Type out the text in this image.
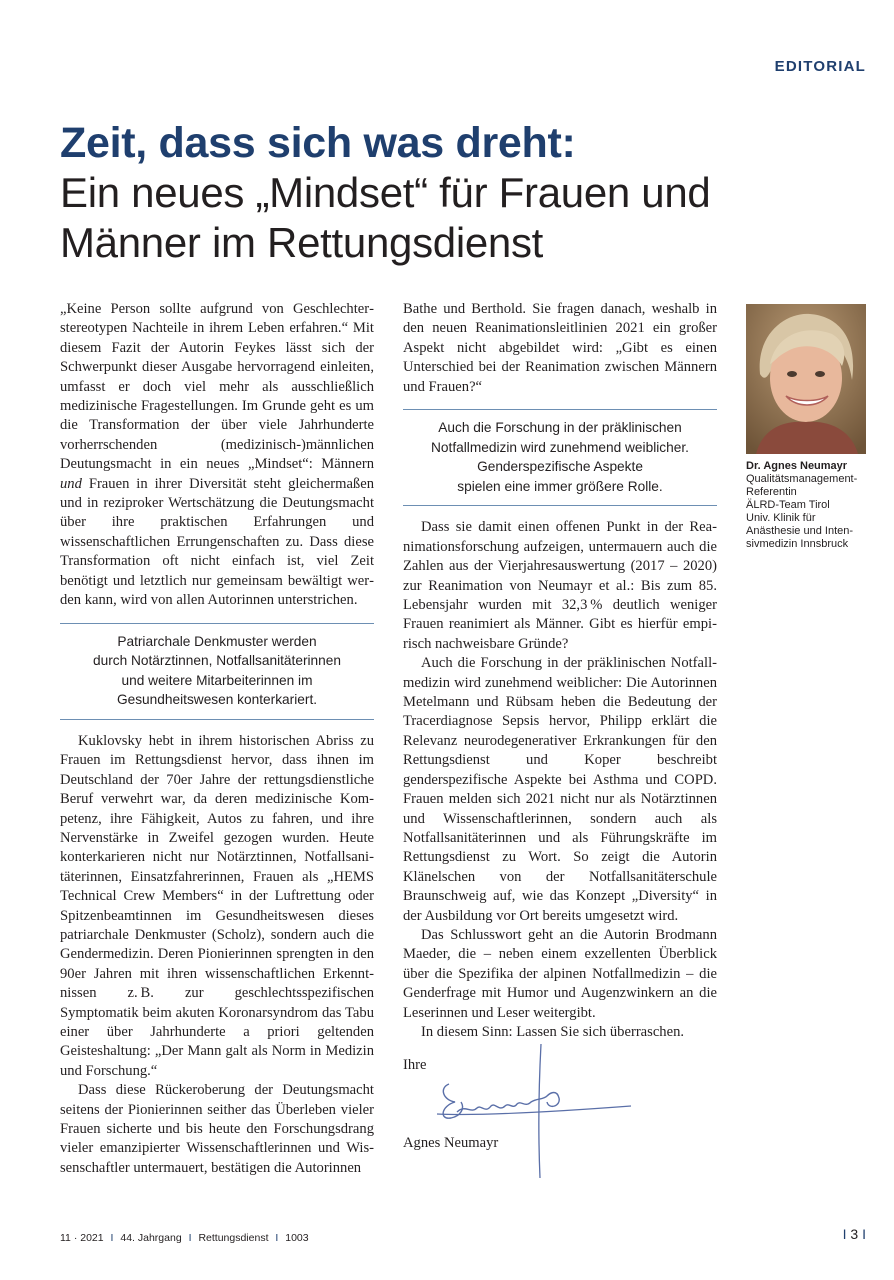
EDITORIAL
Zeit, dass sich was dreht:
Ein neues „Mindset“ für Frauen und
Männer im Rettungsdienst

„Keine Person sollte aufgrund von Geschlechterstereotypen Nachteile in ihrem Leben erfahren.“ Mit diesem Fazit der Autorin Feykes lässt sich der Schwerpunkt dieser Ausgabe hervorragend einleiten, umfasst er doch viel mehr als ausschließlich medizinische Fragestellungen. Im Grunde geht es um die Transformation der über viele Jahrhunderte vorherrschenden (medizinisch-)männlichen Deutungsmacht in ein neues „Mindset“: Männern und Frauen in ihrer Diversität steht gleichermaßen und in reziproker Wertschätzung die Deutungsmacht über ihre praktischen Erfahrungen und wissenschaftlichen Errungenschaften zu. Dass diese Transformation oft nicht einfach ist, viel Zeit benötigt und letztlich nur gemeinsam bewältigt werden kann, wird von allen Autorinnen unterstrichen.

Patriarchale Denkmuster werden
durch Notärztinnen, Notfallsanitäterinnen
und weitere Mitarbeiterinnen im
Gesundheitswesen konterkariert.

Kuklovsky hebt in ihrem historischen Abriss zu Frauen im Rettungsdienst hervor, dass ihnen im Deutschland der 70er Jahre der rettungsdienstliche Beruf verwehrt war, da deren medizinische Kompetenz, ihre Fähigkeit, Autos zu fahren, und ihre Nervenstärke in Zweifel gezogen wurden. Heute konterkarieren nicht nur Notärztinnen, Notfallsanitäterinnen, Einsatzfahrerinnen, Frauen als „HEMS Technical Crew Members“ in der Luftrettung oder Spitzenbeamtinnen im Gesundheitswesen dieses patriarchale Denkmuster (Scholz), sondern auch die Gendermedizin. Deren Pionierinnen sprengten in den 90er Jahren mit ihren wissenschaftlichen Erkenntnissen z. B. zur geschlechtsspezifischen Symptomatik beim akuten Koronarsyndrom das Tabu einer über Jahrhunderte a priori geltenden Geisteshaltung: „Der Mann galt als Norm in Medizin und Forschung.“

Dass diese Rückeroberung der Deutungsmacht seitens der Pionierinnen seither das Überleben vieler Frauen sicherte und bis heute den Forschungsdrang vieler emanzipierter Wissenschaftlerinnen und Wissenschaftler untermauert, bestätigen die Autorinnen

Bathe und Berthold. Sie fragen danach, weshalb in den neuen Reanimationsleitlinien 2021 ein großer Aspekt nicht abgebildet wird: „Gibt es einen Unterschied bei der Reanimation zwischen Männern und Frauen?“

Auch die Forschung in der präklinischen
Notfallmedizin wird zunehmend weiblicher.
Genderspezifische Aspekte
spielen eine immer größere Rolle.

Dass sie damit einen offenen Punkt in der Reanimationsforschung aufzeigen, untermauern auch die Zahlen aus der Vierjahresauswertung (2017 – 2020) zur Reanimation von Neumayr et al.: Bis zum 85. Lebensjahr wurden mit 32,3 % deutlich weniger Frauen reanimiert als Männer. Gibt es hierfür empirisch nachweisbare Gründe?

Auch die Forschung in der präklinischen Notfallmedizin wird zunehmend weiblicher: Die Autorinnen Metelmann und Rübsam heben die Bedeutung der Tracerdiagnose Sepsis hervor, Philipp erklärt die Relevanz neurodegenerativer Erkrankungen für den Rettungsdienst und Koper beschreibt genderspezifische Aspekte bei Asthma und COPD. Frauen melden sich 2021 nicht nur als Notärztinnen und Wissenschaftlerinnen, sondern auch als Notfallsanitäterinnen und als Führungskräfte im Rettungsdienst zu Wort. So zeigt die Autorin Klänelschen von der Notfallsanitäterschule Braunschweig auf, wie das Konzept „Diversity“ in der Ausbildung vor Ort bereits umgesetzt wird.

Das Schlusswort geht an die Autorin Brodmann Maeder, die – neben einem exzellenten Überblick über die Spezifika der alpinen Notfallmedizin – die Genderfrage mit Humor und Augenzwinkern an die Leserinnen und Leser weitergibt.

In diesem Sinn: Lassen Sie sich überraschen.

Ihre
Agnes Neumayr
Dr. Agnes Neumayr
Qualitätsmanagement-
Referentin
ÄLRD-Team Tirol
Univ. Klinik für
Anästhesie und Inten-
sivmedizin Innsbruck
11 · 2021 I 44. Jahrgang I Rettungsdienst I 1003	I 3 I
